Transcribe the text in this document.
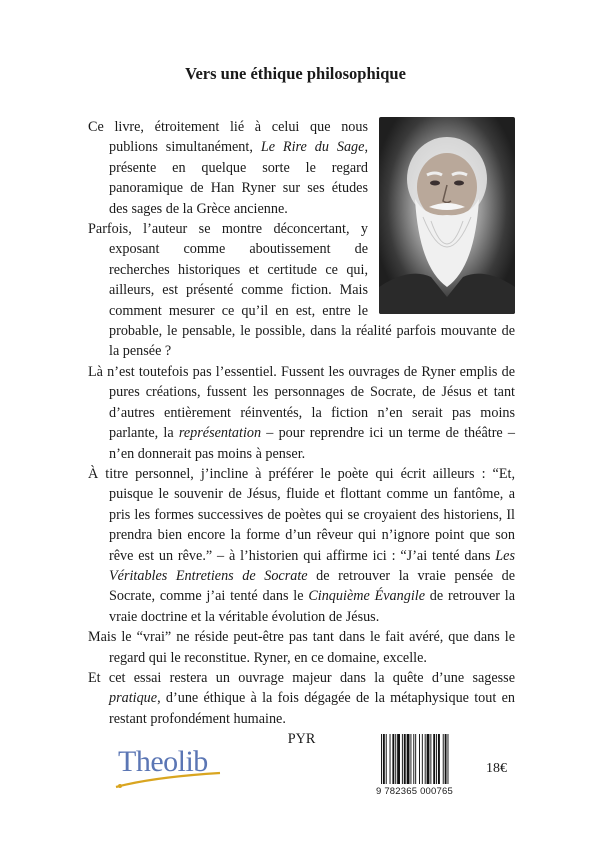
Vers une éthique philosophique

Ce livre, étroitement lié à celui que nous publions simultanément, Le Rire du Sage, présente en quelque sorte le regard panoramique de Han Ryner sur ses études des sages de la Grèce ancienne.

Parfois, l’auteur se montre déconcertant, y exposant comme aboutissement de recherches historiques et certitude ce qui, ailleurs, est présenté comme fiction. Mais comment mesurer ce qu’il en est, entre le probable, le pensable, le possible, dans la réalité parfois mouvante de la pensée ?

Là n’est toutefois pas l’essentiel. Fussent les ouvrages de Ryner emplis de pures créations, fussent les personnages de Socrate, de Jésus et tant d’autres entièrement réinventés, la fiction n’en serait pas moins parlante, la représentation – pour reprendre ici un terme de théâtre – n’en donnerait pas moins à penser.

À titre personnel, j’incline à préférer le poète qui écrit ailleurs : “Et, puisque le souvenir de Jésus, fluide et flottant comme un fantôme, a pris les formes successives de poètes qui se croyaient des historiens, Il prendra bien encore la forme d’un rêveur qui n’ignore point que son rêve est un rêve.” – à l’historien qui affirme ici : “J’ai tenté dans Les Véritables Entretiens de Socrate de retrouver la vraie pensée de Socrate, comme j’ai tenté dans le Cinquième Évangile de retrouver la vraie doctrine et la véritable évolution de Jésus.

Mais le “vrai” ne réside peut-être pas tant dans le fait avéré, que dans le regard qui le reconstitue. Ryner, en ce domaine, excelle.

Et cet essai restera un ouvrage majeur dans la quête d’une sagesse pratique, d’une éthique à la fois dégagée de la métaphysique tout en restant profondément humaine.

PYR

Theolib
9 782365 000765
18€
